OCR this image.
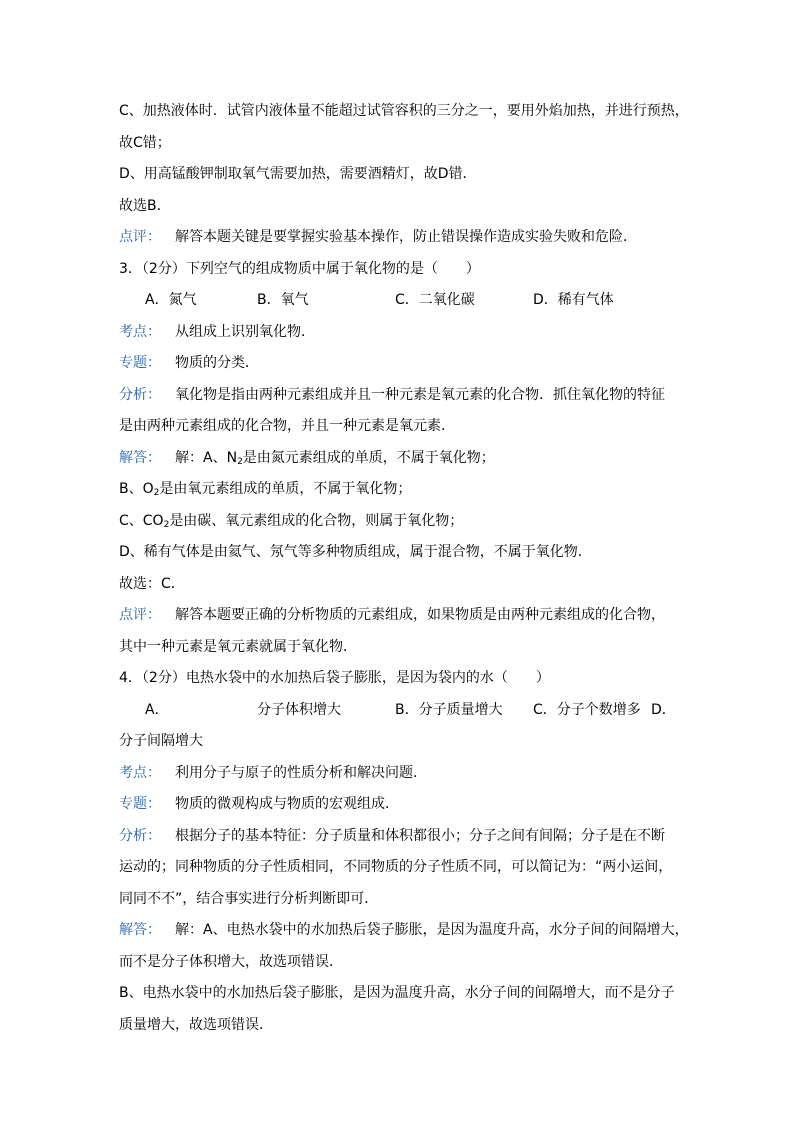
C、加热液体时．试管内液体量不能超过试管容积的三分之一，要用外焰加热，并进行预热，
故C错；
D、用高锰酸钾制取氧气需要加热，需要酒精灯，故D错．
故选B．
点评： 解答本题关键是要掌握实验基本操作，防止错误操作造成实验失败和危险．
3．（2分）下列空气的组成物质中属于氧化物的是（　　）
A．氮气	B．氧气	C．二氧化碳	D．稀有气体
考点： 从组成上识别氧化物．
专题： 物质的分类．
分析： 氧化物是指由两种元素组成并且一种元素是氧元素的化合物．抓住氧化物的特征
是由两种元素组成的化合物，并且一种元素是氧元素．
解答： 解：A、$N_2$是由氮元素组成的单质，不属于氧化物；
B、$O_2$是由氧元素组成的单质，不属于氧化物；
C、$CO_2$是由碳、氧元素组成的化合物，则属于氧化物；
D、稀有气体是由氦气、氖气等多种物质组成，属于混合物，不属于氧化物．
故选：C．
点评： 解答本题要正确的分析物质的元素组成，如果物质是由两种元素组成的化合物，
其中一种元素是氧元素就属于氧化物．
4．（2分）电热水袋中的水加热后袋子膨胀，是因为袋内的水（　　）
A．	分子体积增大	B．分子质量增大 C．分子个数增多 D．
分子间隔增大
考点： 利用分子与原子的性质分析和解决问题．
专题： 物质的微观构成与物质的宏观组成．
分析： 根据分子的基本特征：分子质量和体积都很小；分子之间有间隔；分子是在不断
运动的；同种物质的分子性质相同，不同物质的分子性质不同，可以简记为：“两小运间，
同同不不”，结合事实进行分析判断即可．
解答： 解：A、电热水袋中的水加热后袋子膨胀，是因为温度升高，水分子间的间隔增大，
而不是分子体积增大，故选项错误．
B、电热水袋中的水加热后袋子膨胀，是因为温度升高，水分子间的间隔增大，而不是分子
质量增大，故选项错误．
